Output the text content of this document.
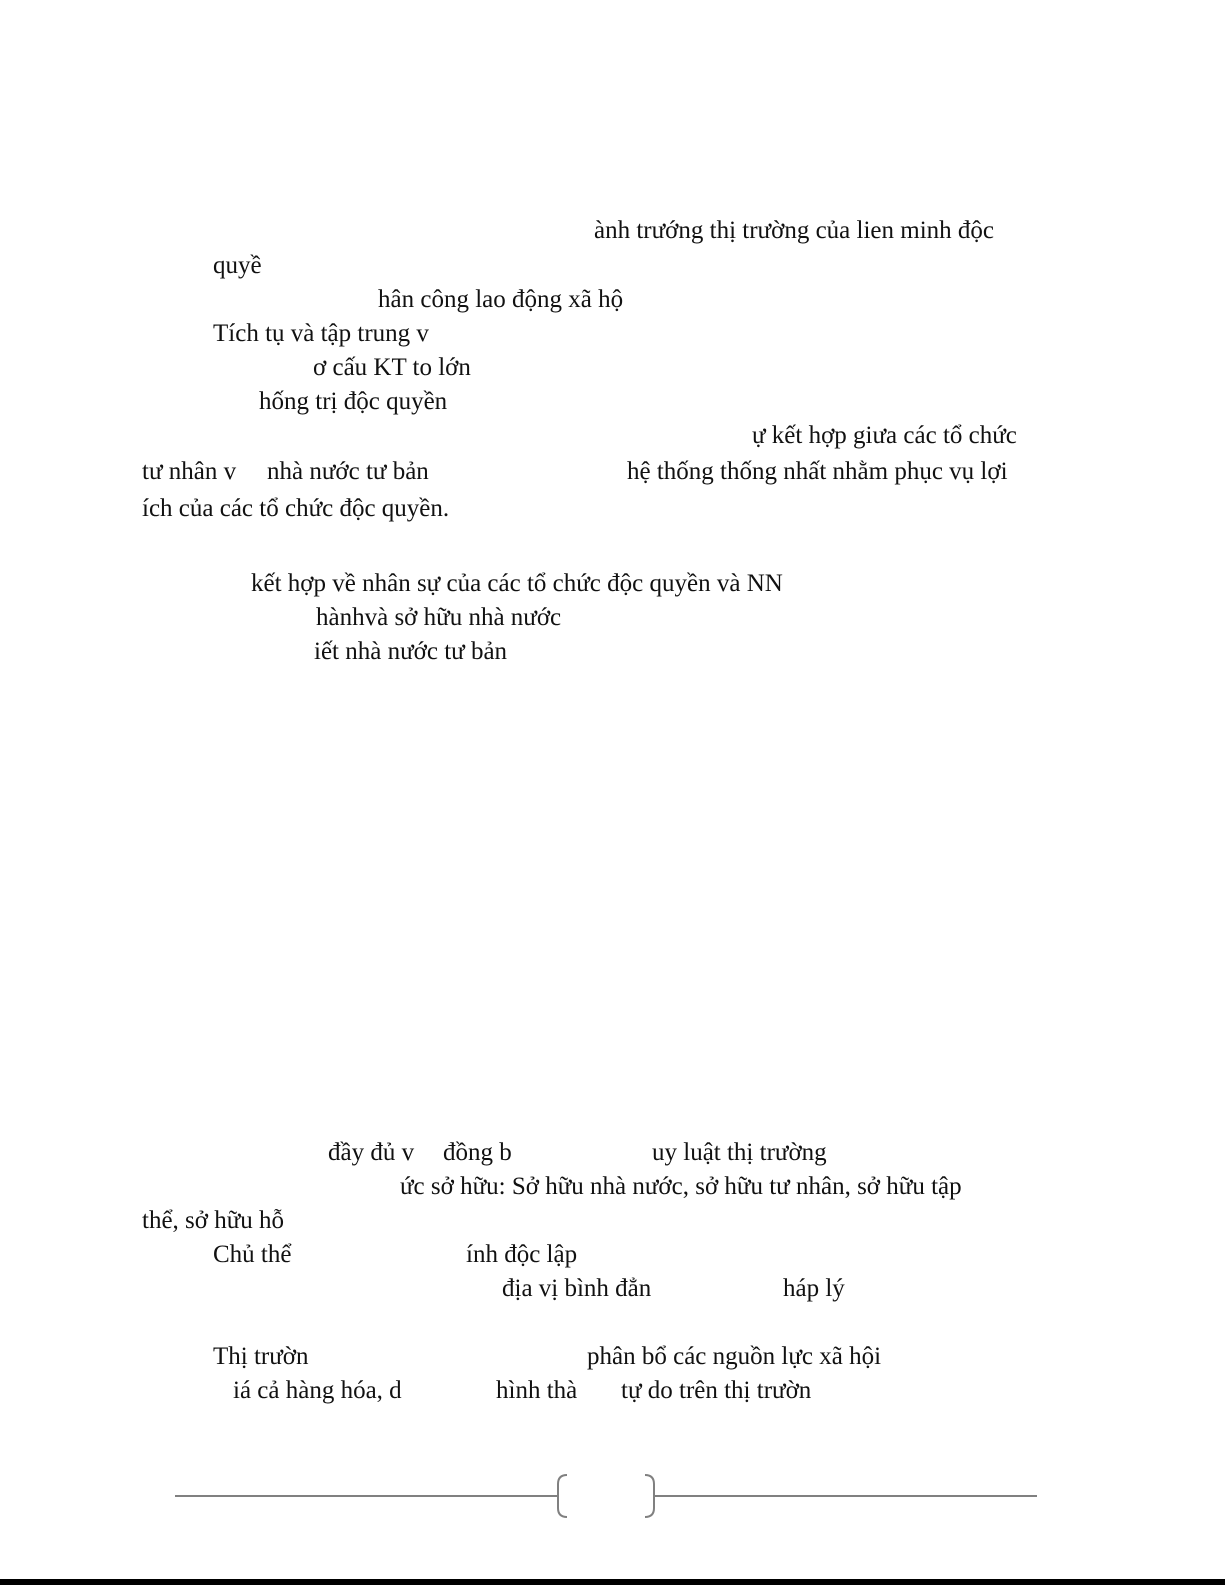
ành trướng thị trường của lien minh độc

quyề

hân công lao động xã hộ

Tích tụ và tập trung v

ơ cấu KT to lớn

hống trị độc quyền

ự kết hợp giưa các tổ chức

tư nhân v nhà nước tư bản	hệ thống thống nhất nhằm phục vụ lợi

ích của các tổ chức độc quyền.

kết hợp về nhân sự của các tổ chức độc quyền và NN

hànhvà sở hữu nhà nước

iết nhà nước tư bản

đầy đủ v đồng b	uy luật thị trường

ức sở hữu: Sở hữu nhà nước, sở hữu tư nhân, sở hữu tập

thể, sở hữu hỗ

Chủ thể	ính độc lập

địa vị bình đẳn	háp lý

Thị trườn	phân bổ các nguồn lực xã hội

iá cả hàng hóa, d	hình thà tự do trên thị trườn
